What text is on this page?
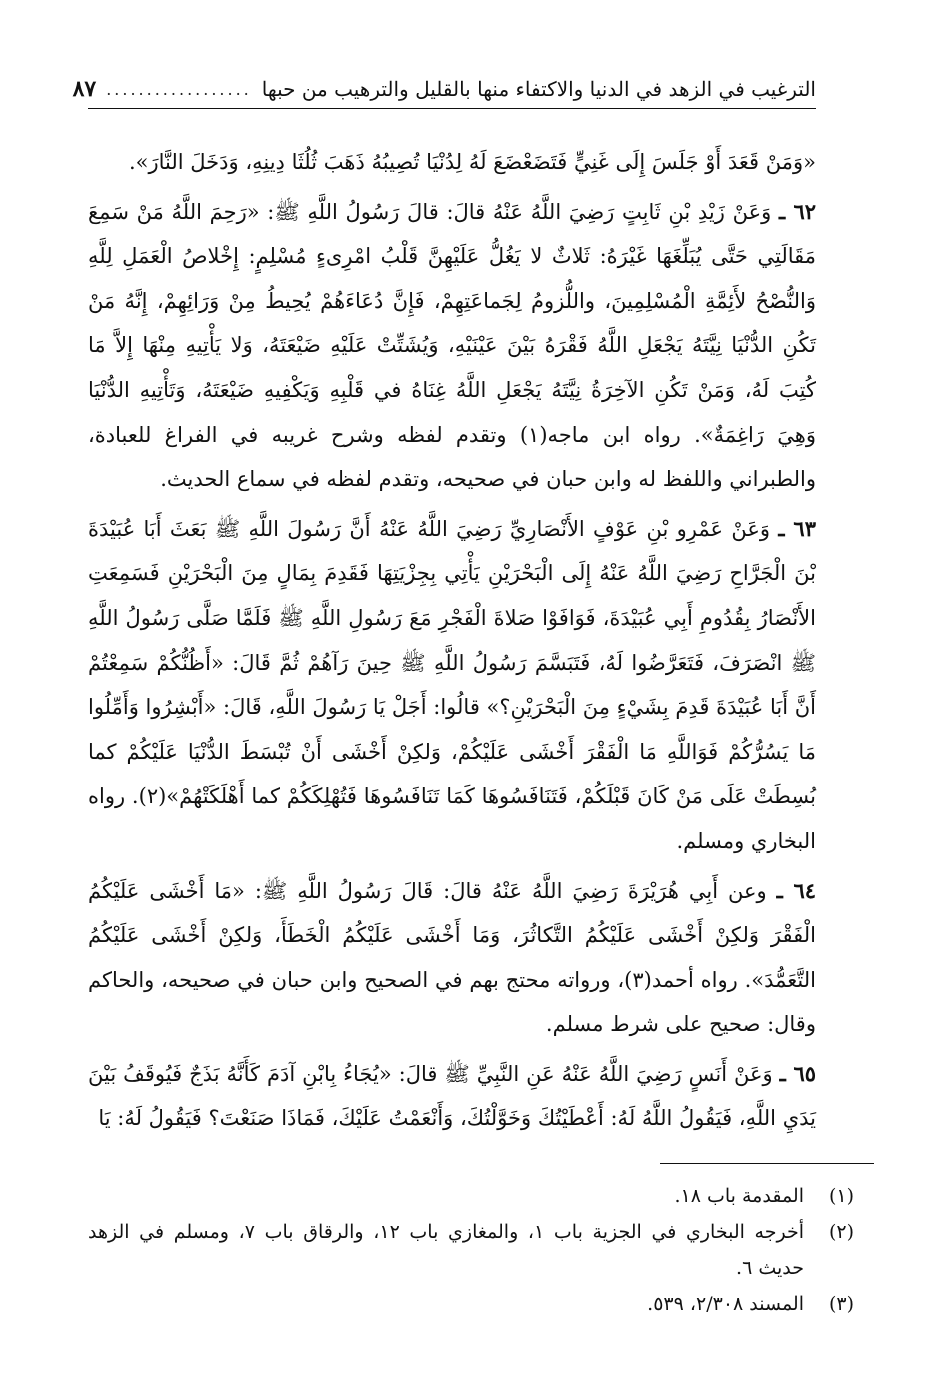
الترغيب في الزهد في الدنيا والاكتفاء منها بالقليل والترهيب من حبها
..................
٨٧

«وَمَنْ قَعَدَ أَوْ جَلَسَ إِلَى غَنِيٍّ فَتَضَعْضَعَ لَهُ لِدُنْيَا تُصِيبُهُ ذَهَبَ ثُلُثَا دِينِهِ، وَدَخَلَ النَّارَ».

٦٢ ـ وَعَنْ زَيْدِ بْنِ ثَابِتٍ رَضِيَ اللَّهُ عَنْهُ قالَ: قالَ رَسُولُ اللَّهِ ﷺ: «رَحِمَ اللَّهُ مَنْ سَمِعَ مَقَالَتِي حَتَّى يُبَلِّغَهَا غَيْرَهُ: ثَلاثٌ لا يَغُلُّ عَلَيْهِنَّ قَلْبُ امْرِىءٍ مُسْلِمٍ: إِخْلاصُ الْعَمَلِ لِلَّهِ وَالنُّصْحُ لأَئِمَّةِ الْمُسْلِمِينَ، واللُّزومُ لِجَماعَتِهِمْ، فَإِنَّ دُعَاءَهُمْ يُحِيطُ مِنْ وَرَائِهِمْ، إِنَّهُ مَنْ تَكُنِ الدُّنْيَا نِيَّتَهُ يَجْعَلِ اللَّهُ فَقْرَهُ بَيْنَ عَيْنَيْهِ، وَيُشَتِّتْ عَلَيْهِ ضَيْعَتَهُ، وَلا يَأْتِيهِ مِنْهَا إِلاَّ مَا كُتِبَ لَهُ، وَمَنْ تَكُنِ الآخِرَةُ نِيَّتَهُ يَجْعَلِ اللَّهُ غِنَاهُ في قَلْبِهِ وَيَكْفِيهِ ضَيْعَتَهُ، وَتَأْتِيهِ الدُّنْيَا وَهِيَ رَاغِمَةٌ». رواه ابن ماجه(١) وتقدم لفظه وشرح غريبه في الفراغ للعبادة، والطبراني واللفظ له وابن حبان في صحيحه، وتقدم لفظه في سماع الحديث.

٦٣ ـ وَعَنْ عَمْرِو بْنِ عَوْفٍ الأَنْصَارِيِّ رَضِيَ اللَّهُ عَنْهُ أَنَّ رَسُولَ اللَّهِ ﷺ بَعَثَ أَبَا عُبَيْدَةَ بْنَ الْجَرَّاحِ رَضِيَ اللَّهُ عَنْهُ إِلَى الْبَحْرَيْنِ يَأْتِي بِجِزْيَتِهَا فَقَدِمَ بِمَالٍ مِنَ الْبَحْرَيْنِ فَسَمِعَتِ الأَنْصَارُ بِقُدُومِ أَبِي عُبَيْدَةَ، فَوَافَوْا صَلاةَ الْفَجْرِ مَعَ رَسُولِ اللَّهِ ﷺ فَلَمَّا صَلَّى رَسُولُ اللَّهِ ﷺ انْصَرَفَ، فَتَعَرَّضُوا لَهُ، فَتَبَسَّمَ رَسُولُ اللَّهِ ﷺ حِينَ رَآهُمْ ثُمَّ قَالَ: «أَظُنُّكُمْ سَمِعْتُمْ أَنَّ أَبَا عُبَيْدَةَ قَدِمَ بِشَيْءٍ مِنَ الْبَحْرَيْنِ؟» قالُوا: أَجَلْ يَا رَسُولَ اللَّهِ، قَالَ: «أَبْشِرُوا وَأَمِّلُوا مَا يَسُرُّكُمْ فَوَاللَّهِ مَا الْفَقْرَ أَخْشَى عَلَيْكُمْ، وَلكِنْ أَخْشَى أَنْ تُبْسَطَ الدُّنْيَا عَلَيْكُمْ كما بُسِطَتْ عَلَى مَنْ كَانَ قَبْلَكُمْ، فَتَنَافَسُوهَا كَمَا تَنَافَسُوهَا فَتُهْلِكَكُمْ كما أَهْلَكَتْهُمْ»(٢). رواه البخاري ومسلم.

٦٤ ـ وعن أَبِي هُرَيْرَةَ رَضِيَ اللَّهُ عَنْهُ قالَ: قَالَ رَسُولُ اللَّهِ ﷺ: «مَا أَخْشَى عَلَيْكُمُ الْفَقْرَ وَلكِنْ أَخْشَى عَلَيْكُمُ التَّكاثُرَ، وَمَا أَخْشَى عَلَيْكُمُ الْخَطَأَ، وَلكِنْ أَخْشَى عَلَيْكُمُ التَّعَمُّدَ». رواه أحمد(٣)، ورواته محتج بهم في الصحيح وابن حبان في صحيحه، والحاكم وقال: صحيح على شرط مسلم.

٦٥ ـ وَعَنْ أَنَسٍ رَضِيَ اللَّهُ عَنْهُ عَنِ النَّبِيِّ ﷺ قالَ: «يُجَاءُ بِابْنِ آدَمَ كَأَنَّهُ بَذَجٌ فَيُوقَفُ بَيْنَ يَدَيِ اللَّهِ، فَيَقُولُ اللَّهُ لَهُ: أَعْطَيْتُكَ وَخَوَّلْتُكَ، وَأَنْعَمْتُ عَلَيْكَ، فَمَاذَا صَنَعْتَ؟ فَيَقُولُ لَهُ: يَا

(١)
المقدمة باب ١٨.
(٢)
أخرجه البخاري في الجزية باب ١، والمغازي باب ١٢، والرقاق باب ٧، ومسلم في الزهد حديث ٦.
(٣)
المسند ٢/٣٠٨، ٥٣٩.
